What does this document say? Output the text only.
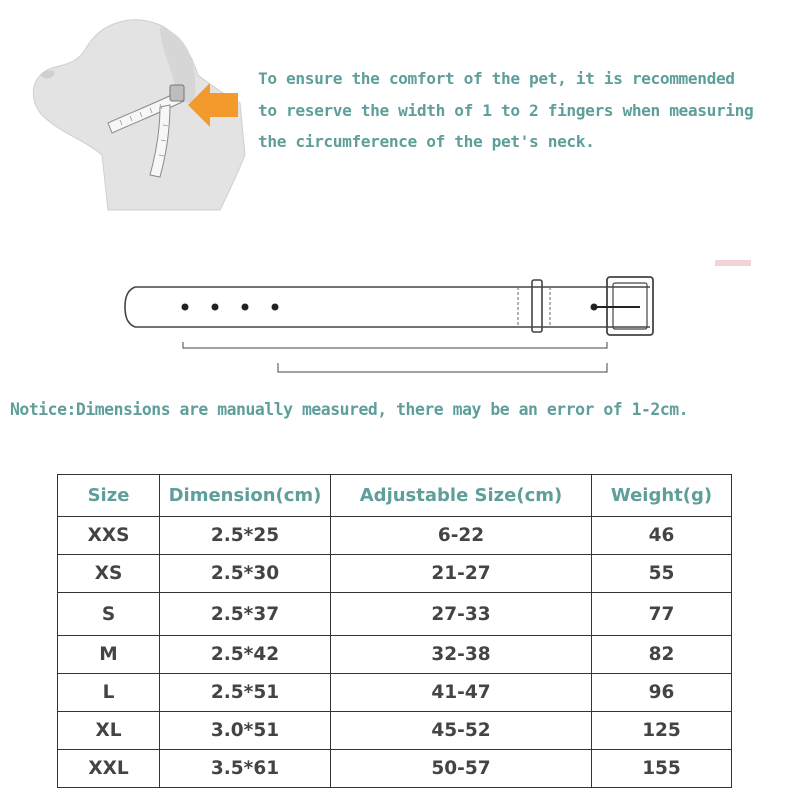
To ensure the comfort of the pet, it is recommended
to reserve the width of 1 to 2 fingers when measuring
the circumference of the pet's neck.
Notice:Dimensions are manually measured, there may be an error of 1-2cm.
Size	Dimension(cm)	Adjustable Size(cm)	Weight(g)
XXS	2.5*25	6-22	46
XS	2.5*30	21-27	55
S	2.5*37	27-33	77
M	2.5*42	32-38	82
L	2.5*51	41-47	96
XL	3.0*51	45-52	125
XXL	3.5*61	50-57	155
